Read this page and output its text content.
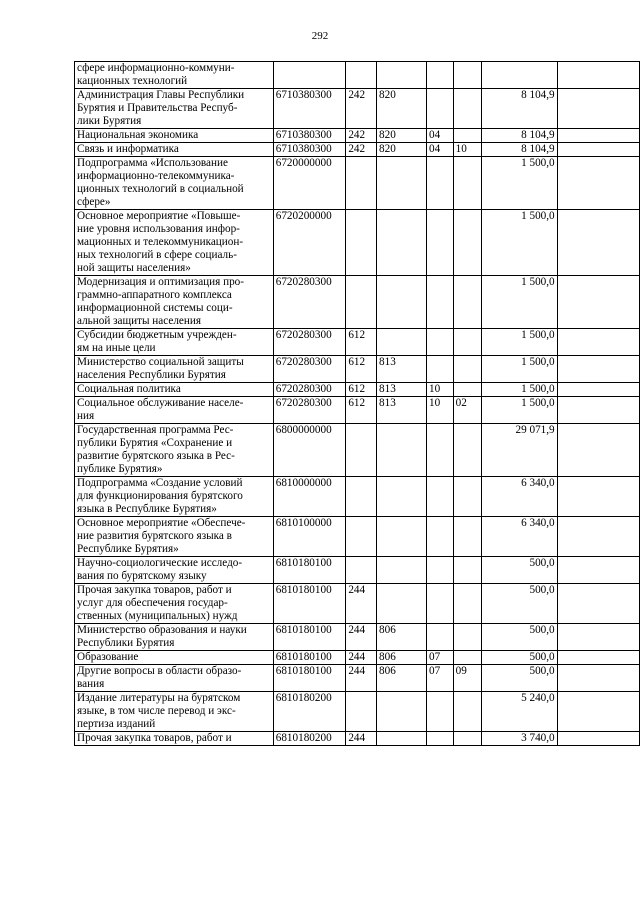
292
сфере информационно-коммуни-
кационных технологий							
Администрация Главы Республики
Бурятия и Правительства Респуб-
лики Бурятия	6710380300	242	820			8 104,9	
Национальная экономика	6710380300	242	820	04		8 104,9	
Связь и информатика	6710380300	242	820	04	10	8 104,9	
Подпрограмма «Использование
информационно-телекоммуника-
ционных технологий в социальной
сфере»	6720000000					1 500,0	
Основное мероприятие «Повыше-
ние уровня использования инфор-
мационных и телекоммуникацион-
ных технологий в сфере социаль-
ной защиты населения»	6720200000					1 500,0	
Модернизация и оптимизация про-
граммно-аппаратного комплекса
информационной системы соци-
альной защиты населения	6720280300					1 500,0	
Субсидии бюджетным учрежден-
ям на иные цели	6720280300	612				1 500,0	
Министерство социальной защиты
населения Республики Бурятия	6720280300	612	813			1 500,0	
Социальная политика	6720280300	612	813	10		1 500,0	
Социальное обслуживание населе-
ния	6720280300	612	813	10	02	1 500,0	
Государственная программа Рес-
публики Бурятия «Сохранение и
развитие бурятского языка в Рес-
публике Бурятия»	6800000000					29 071,9	
Подпрограмма «Создание условий
для функционирования бурятского
языка в Республике Бурятия»	6810000000					6 340,0	
Основное мероприятие «Обеспече-
ние развития бурятского языка в
Республике Бурятия»	6810100000					6 340,0	
Научно-социологические исследо-
вания по бурятскому языку	6810180100					500,0	
Прочая закупка товаров, работ и
услуг для обеспечения государ-
ственных (муниципальных) нужд	6810180100	244				500,0	
Министерство образования и науки
Республики Бурятия	6810180100	244	806			500,0	
Образование	6810180100	244	806	07		500,0	
Другие вопросы в области образо-
вания	6810180100	244	806	07	09	500,0	
Издание литературы на бурятском
языке, в том числе перевод и экс-
пертиза изданий	6810180200					5 240,0	
Прочая закупка товаров, работ и	6810180200	244				3 740,0	
